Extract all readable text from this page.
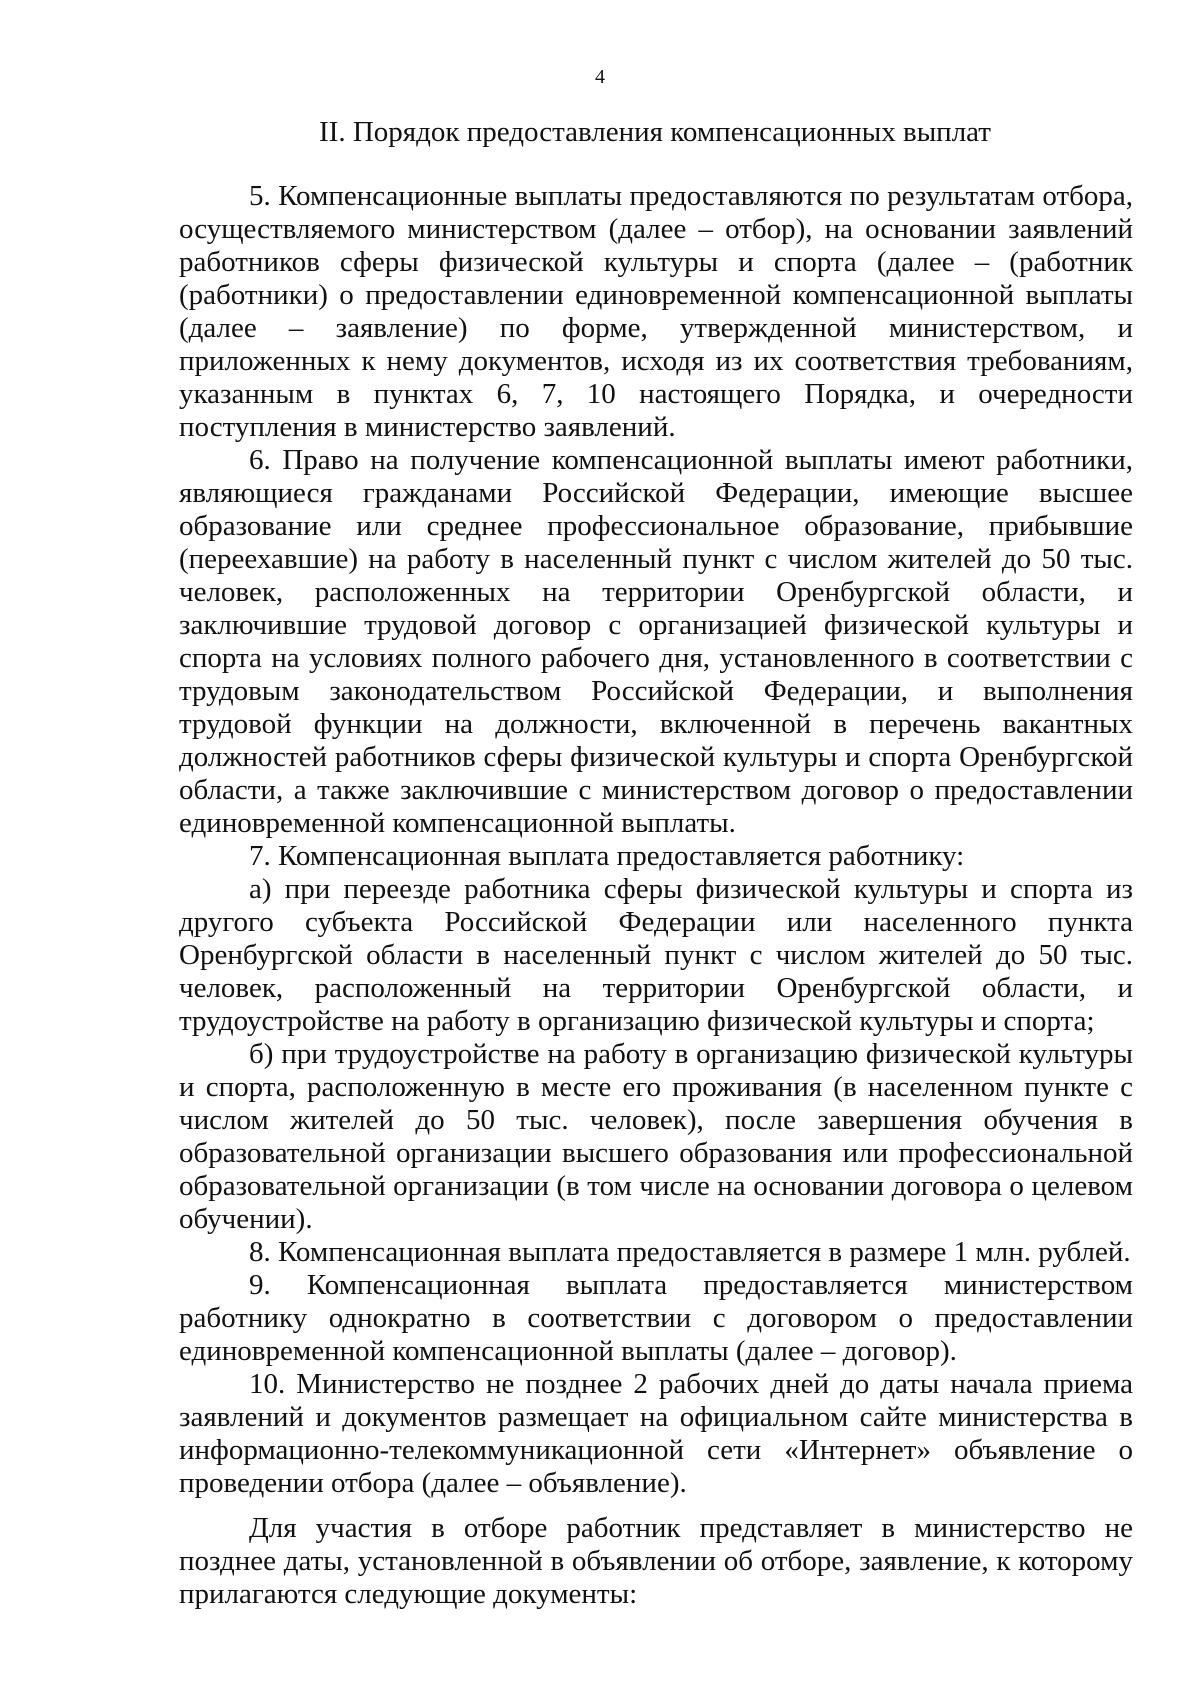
4
II. Порядок предоставления компенсационных выплат

5. Компенсационные выплаты предоставляются по результатам отбора, осуществляемого министерством (далее – отбор), на основании заявлений работников сферы физической культуры и спорта (далее – (работник (работники) о предоставлении единовременной компенсационной выплаты (далее – заявление) по форме, утвержденной министерством, и приложенных к нему документов, исходя из их соответствия требованиям, указанным в пунктах 6, 7, 10 настоящего Порядка, и очередности поступления в министерство заявлений.

6. Право на получение компенсационной выплаты имеют работники, являющиеся гражданами Российской Федерации, имеющие высшее образование или среднее профессиональное образование, прибывшие (переехавшие) на работу в населенный пункт с числом жителей до 50 тыс. человек, расположенных на территории Оренбургской области, и заключившие трудовой договор с организацией физической культуры и спорта на условиях полного рабочего дня, установленного в соответствии с трудовым законодательством Российской Федерации, и выполнения трудовой функции на должности, включенной в перечень вакантных должностей работников сферы физической культуры и спорта Оренбургской области, а также заключившие с министерством договор о предоставлении единовременной компенсационной выплаты.

7. Компенсационная выплата предоставляется работнику:

а) при переезде работника сферы физической культуры и спорта из другого субъекта Российской Федерации или населенного пункта Оренбургской области в населенный пункт с числом жителей до 50 тыс. человек, расположенный на территории Оренбургской области, и трудоустройстве на работу в организацию физической культуры и спорта;

б) при трудоустройстве на работу в организацию физической культуры и спорта, расположенную в месте его проживания (в населенном пункте с числом жителей до 50 тыс. человек), после завершения обучения в образовательной организации высшего образования или профессиональной образовательной организации (в том числе на основании договора о целевом обучении).

8. Компенсационная выплата предоставляется в размере 1 млн. рублей.

9. Компенсационная выплата предоставляется министерством работнику однократно в соответствии с договором о предоставлении единовременной компенсационной выплаты (далее – договор).

10. Министерство не позднее 2 рабочих дней до даты начала приема заявлений и документов размещает на официальном сайте министерства в информационно-телекоммуникационной сети «Интернет» объявление о проведении отбора (далее – объявление).

Для участия в отборе работник представляет в министерство не позднее даты, установленной в объявлении об отборе, заявление, к которому прилагаются следующие документы:
